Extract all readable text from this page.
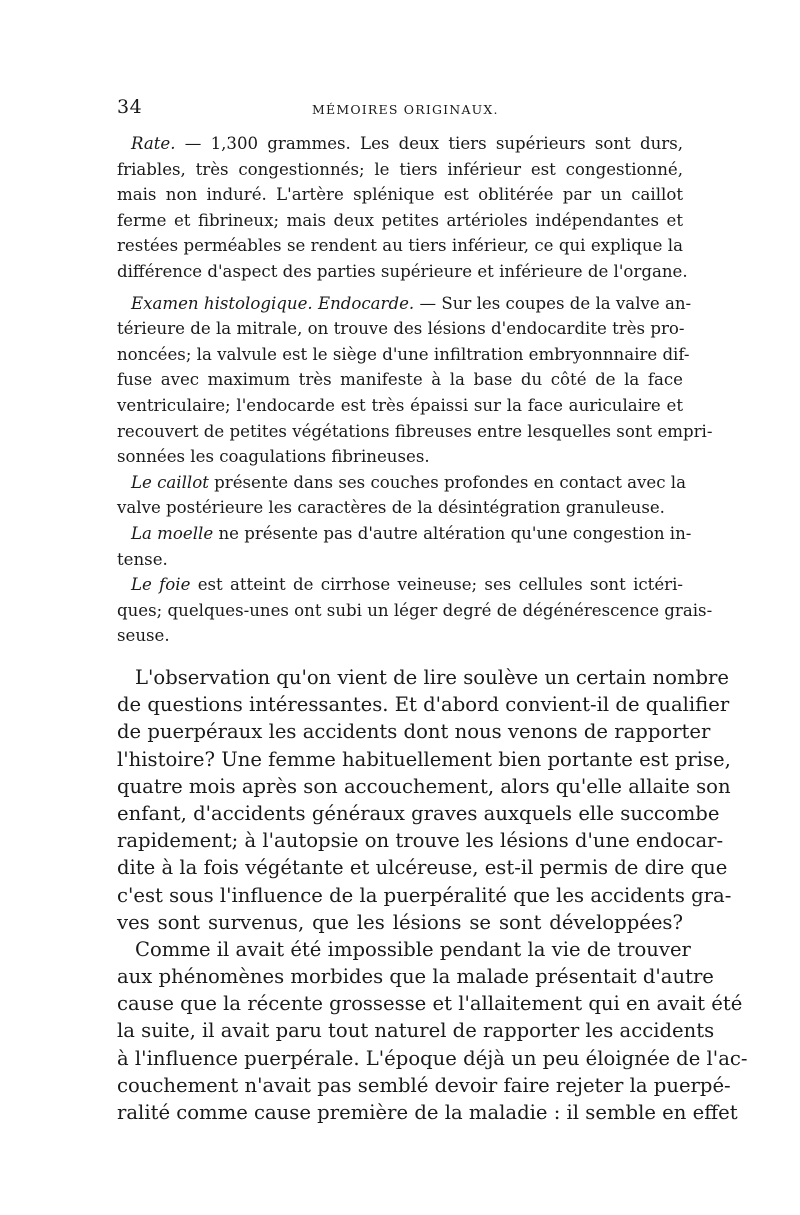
34	MÉMOIRES ORIGINAUX.
Rate. — 1,300 grammes. Les deux tiers supérieurs sont durs,
friables, très congestionnés; le tiers inférieur est congestionné,
mais non induré. L'artère splénique est oblitérée par un caillot
ferme et fibrineux; mais deux petites artérioles indépendantes et
restées perméables se rendent au tiers inférieur, ce qui explique la
différence d'aspect des parties supérieure et inférieure de l'organe.
Examen histologique. Endocarde. — Sur les coupes de la valve an-
térieure de la mitrale, on trouve des lésions d'endocardite très pro-
noncées; la valvule est le siège d'une infiltration embryonnnaire dif-
fuse avec maximum très manifeste à la base du côté de la face
ventriculaire; l'endocarde est très épaissi sur la face auriculaire et
recouvert de petites végétations fibreuses entre lesquelles sont empri-
sonnées les coagulations fibrineuses.
Le caillot présente dans ses couches profondes en contact avec la
valve postérieure les caractères de la désintégration granuleuse.
La moelle ne présente pas d'autre altération qu'une congestion in-
tense.
Le foie est atteint de cirrhose veineuse; ses cellules sont ictéri-
ques; quelques-unes ont subi un léger degré de dégénérescence grais-
seuse.
L'observation qu'on vient de lire soulève un certain nombre
de questions intéressantes. Et d'abord convient-il de qualifier
de puerpéraux les accidents dont nous venons de rapporter
l'histoire? Une femme habituellement bien portante est prise,
quatre mois après son accouchement, alors qu'elle allaite son
enfant, d'accidents généraux graves auxquels elle succombe
rapidement; à l'autopsie on trouve les lésions d'une endocar-
dite à la fois végétante et ulcéreuse, est-il permis de dire que
c'est sous l'influence de la puerpéralité que les accidents gra-
ves sont survenus, que les lésions se sont développées?
Comme il avait été impossible pendant la vie de trouver
aux phénomènes morbides que la malade présentait d'autre
cause que la récente grossesse et l'allaitement qui en avait été
la suite, il avait paru tout naturel de rapporter les accidents
à l'influence puerpérale. L'époque déjà un peu éloignée de l'ac-
couchement n'avait pas semblé devoir faire rejeter la puerpé-
ralité comme cause première de la maladie : il semble en effet
